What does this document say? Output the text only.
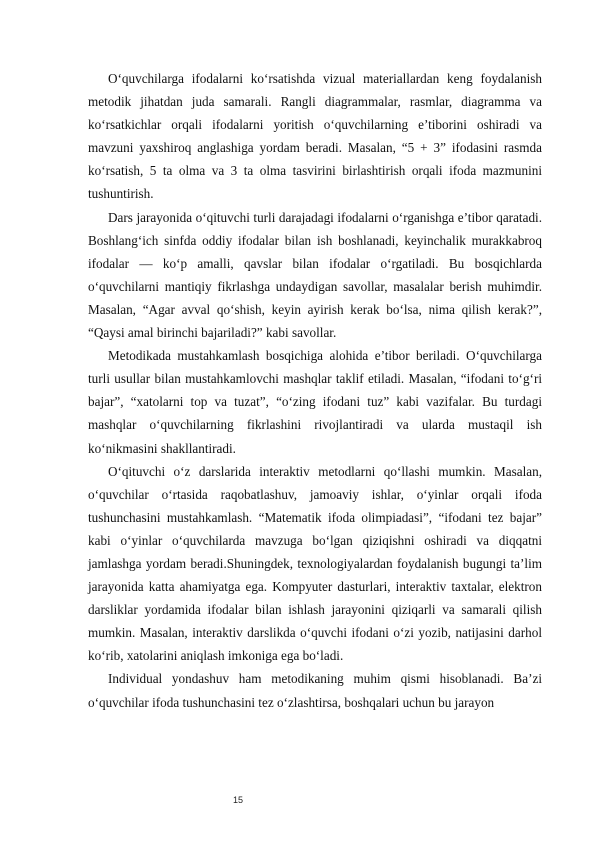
O‘quvchilarga ifodalarni ko‘rsatishda vizual materiallardan keng foydalanish metodik jihatdan juda samarali. Rangli diagrammalar, rasmlar, diagramma va ko‘rsatkichlar orqali ifodalarni yoritish o‘quvchilarning e’tiborini oshiradi va mavzuni yaxshiroq anglashiga yordam beradi. Masalan, “5 + 3” ifodasini rasmda ko‘rsatish, 5 ta olma va 3 ta olma tasvirini birlashtirish orqali ifoda mazmunini tushuntirish.

Dars jarayonida o‘qituvchi turli darajadagi ifodalarni o‘rganishga e’tibor qaratadi. Boshlang‘ich sinfda oddiy ifodalar bilan ish boshlanadi, keyinchalik murakkabroq ifodalar — ko‘p amalli, qavslar bilan ifodalar o‘rgatiladi. Bu bosqichlarda o‘quvchilarni mantiqiy fikrlashga undaydigan savollar, masalalar berish muhimdir. Masalan, “Agar avval qo‘shish, keyin ayirish kerak bo‘lsa, nima qilish kerak?”, “Qaysi amal birinchi bajariladi?” kabi savollar.

Metodikada mustahkamlash bosqichiga alohida e’tibor beriladi. O‘quvchilarga turli usullar bilan mustahkamlovchi mashqlar taklif etiladi. Masalan, “ifodani to‘g‘ri bajar”, “xatolarni top va tuzat”, “o‘zing ifodani tuz” kabi vazifalar. Bu turdagi mashqlar o‘quvchilarning fikrlashini rivojlantiradi va ularda mustaqil ish ko‘nikmasini shakllantiradi.

O‘qituvchi o‘z darslarida interaktiv metodlarni qo‘llashi mumkin. Masalan, o‘quvchilar o‘rtasida raqobatlashuv, jamoaviy ishlar, o‘yinlar orqali ifoda tushunchasini mustahkamlash. “Matematik ifoda olimpiadasi”, “ifodani tez bajar” kabi o‘yinlar o‘quvchilarda mavzuga bo‘lgan qiziqishni oshiradi va diqqatni jamlashga yordam beradi.Shuningdek, texnologiyalardan foydalanish bugungi ta’lim jarayonida katta ahamiyatga ega. Kompyuter dasturlari, interaktiv taxtalar, elektron darsliklar yordamida ifodalar bilan ishlash jarayonini qiziqarli va samarali qilish mumkin. Masalan, interaktiv darslikda o‘quvchi ifodani o‘zi yozib, natijasini darhol ko‘rib, xatolarini aniqlash imkoniga ega bo‘ladi.

Individual yondashuv ham metodikaning muhim qismi hisoblanadi. Ba’zi o‘quvchilar ifoda tushunchasini tez o‘zlashtirsa, boshqalari uchun bu jarayon

15
